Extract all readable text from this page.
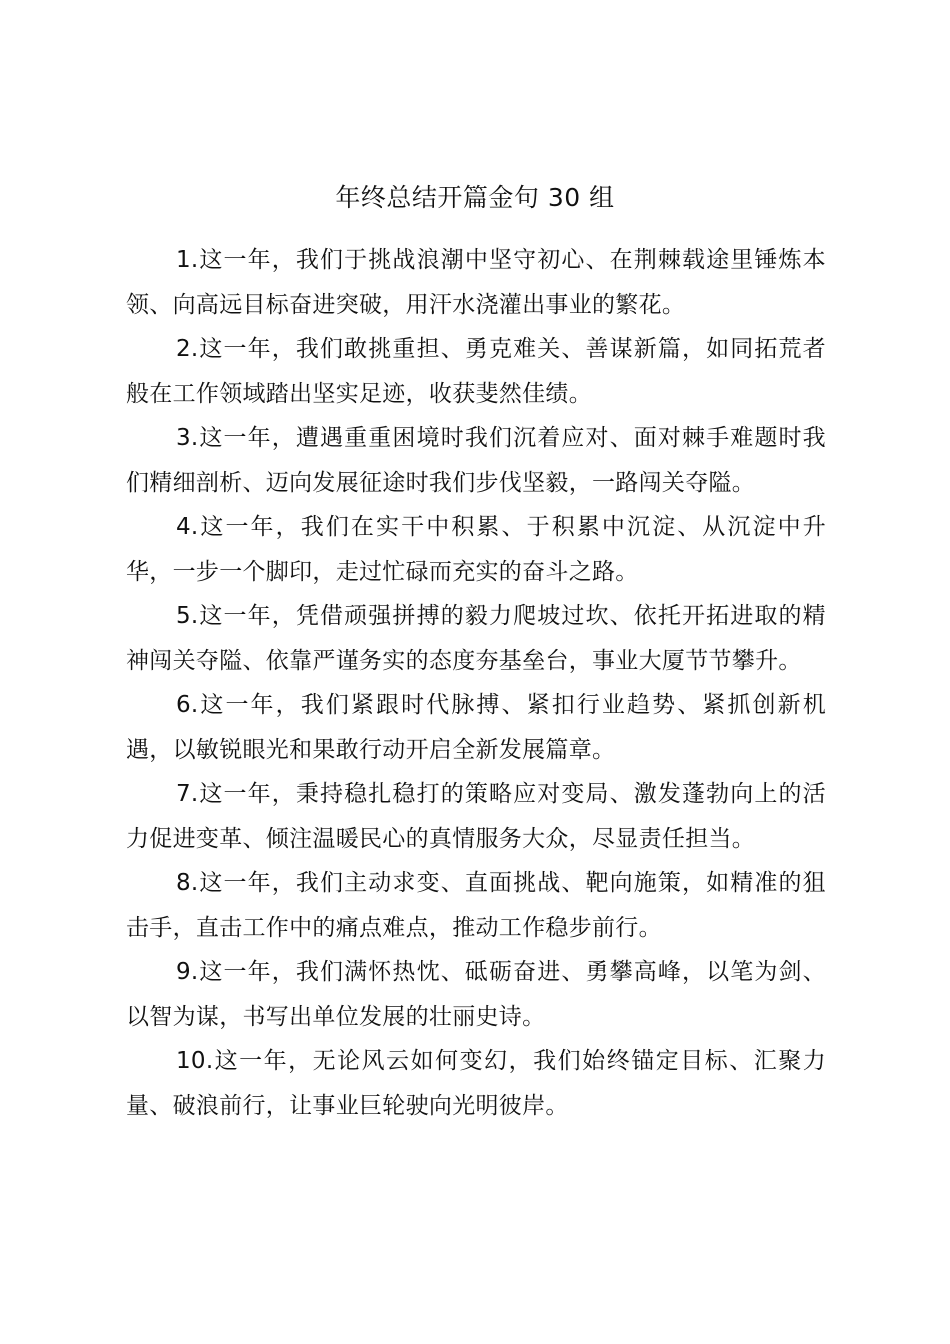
年终总结开篇金句 30 组

1.这一年，我们于挑战浪潮中坚守初心、在荆棘载途里锤炼本领、向高远目标奋进突破，用汗水浇灌出事业的繁花。

2.这一年，我们敢挑重担、勇克难关、善谋新篇，如同拓荒者般在工作领域踏出坚实足迹，收获斐然佳绩。

3.这一年，遭遇重重困境时我们沉着应对、面对棘手难题时我们精细剖析、迈向发展征途时我们步伐坚毅，一路闯关夺隘。

4.这一年，我们在实干中积累、于积累中沉淀、从沉淀中升华，一步一个脚印，走过忙碌而充实的奋斗之路。

5.这一年，凭借顽强拼搏的毅力爬坡过坎、依托开拓进取的精神闯关夺隘、依靠严谨务实的态度夯基垒台，事业大厦节节攀升。

6.这一年，我们紧跟时代脉搏、紧扣行业趋势、紧抓创新机遇，以敏锐眼光和果敢行动开启全新发展篇章。

7.这一年，秉持稳扎稳打的策略应对变局、激发蓬勃向上的活力促进变革、倾注温暖民心的真情服务大众，尽显责任担当。

8.这一年，我们主动求变、直面挑战、靶向施策，如精准的狙击手，直击工作中的痛点难点，推动工作稳步前行。

9.这一年，我们满怀热忱、砥砺奋进、勇攀高峰，以笔为剑、以智为谋，书写出单位发展的壮丽史诗。

10.这一年，无论风云如何变幻，我们始终锚定目标、汇聚力量、破浪前行，让事业巨轮驶向光明彼岸。
